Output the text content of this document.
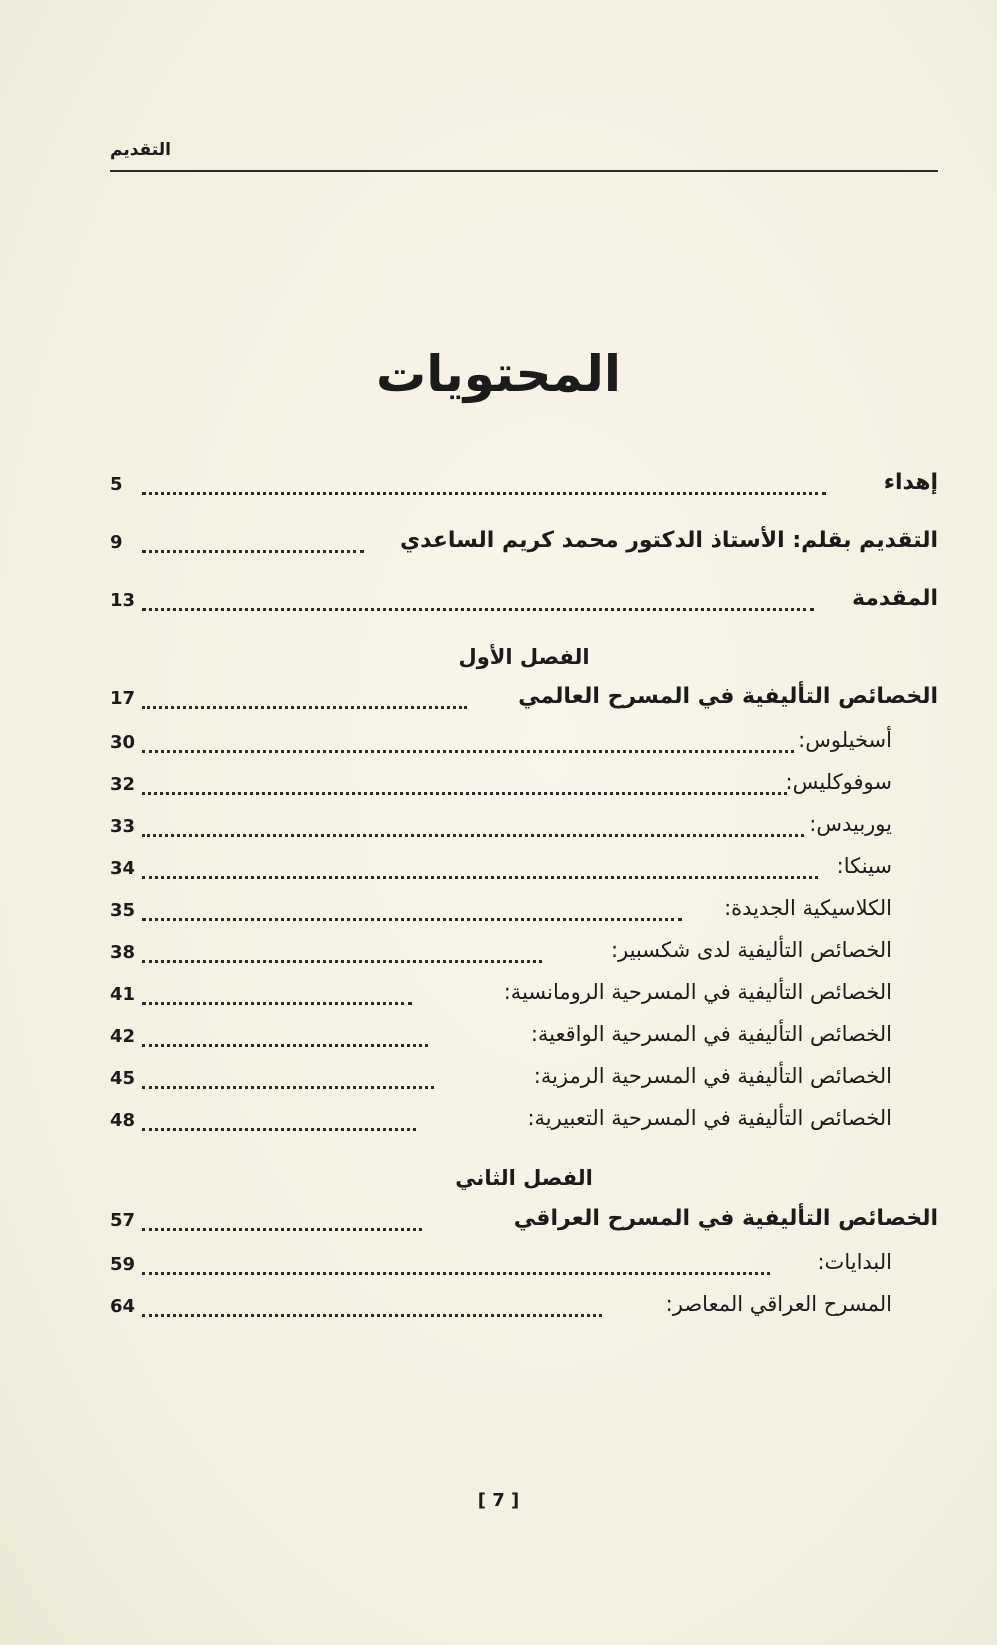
التقديم
المحتويات
5	إهداء
9	التقديم بقلم: الأستاذ الدكتور محمد كريم الساعدي
13	المقدمة
17	الخصائص التأليفية في المسرح العالمي
30	أسخيلوس:
32	سوفوكليس:
33	يوربيدس:
34	سينكا:
35	الكلاسيكية الجديدة:
38	الخصائص التأليفية لدى شكسبير:
41	الخصائص التأليفية في المسرحية الرومانسية:
42	الخصائص التأليفية في المسرحية الواقعية:
45	الخصائص التأليفية في المسرحية الرمزية:
48	الخصائص التأليفية في المسرحية التعبيرية:
57	الخصائص التأليفية في المسرح العراقي
59	البدايات:
64	المسرح العراقي المعاصر:
الفصل الأول
الفصل الثاني
[ 7 ]
